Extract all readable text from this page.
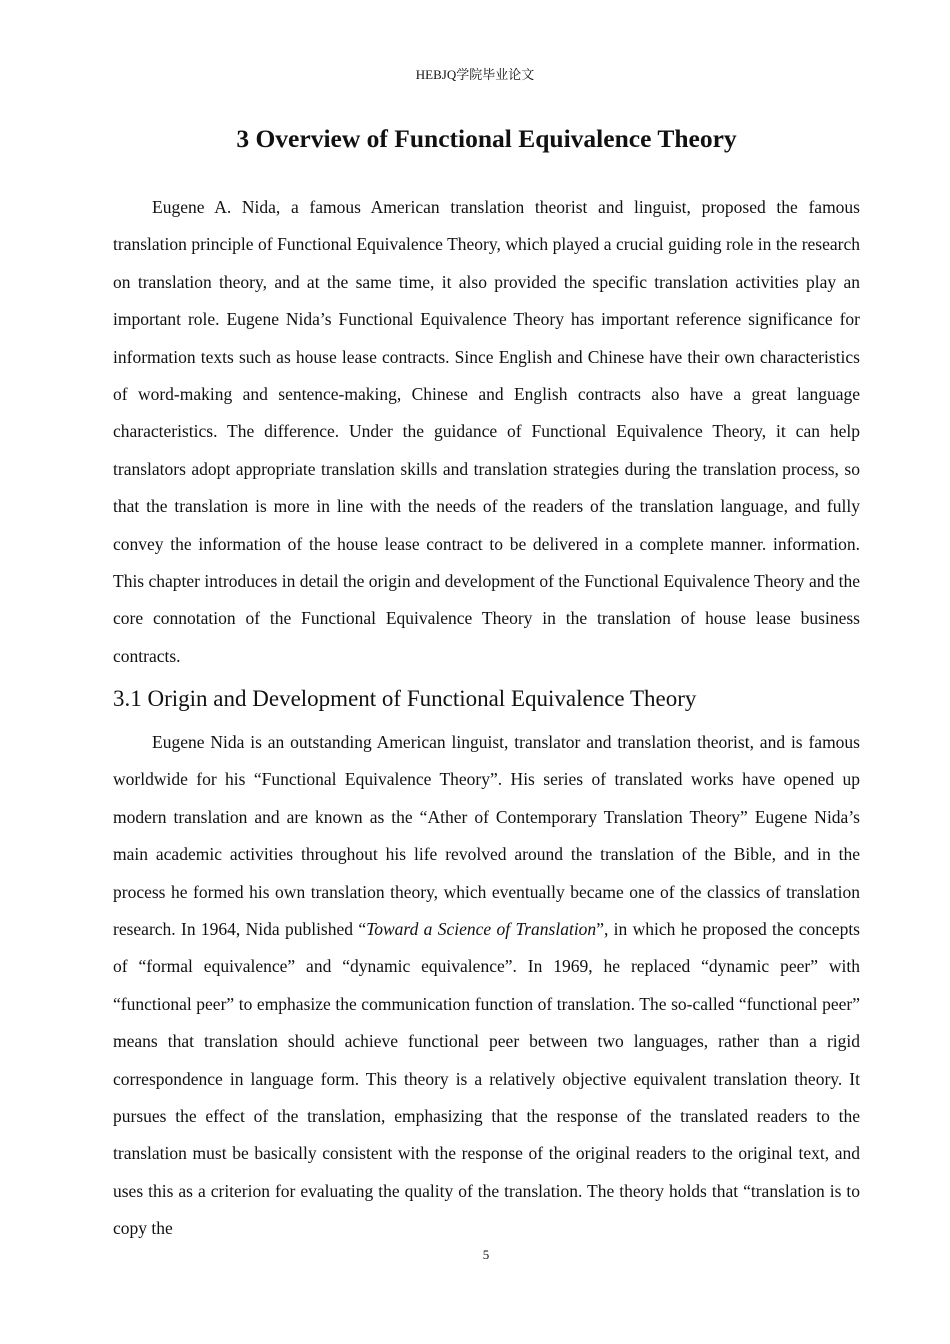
HEBJQ学院毕业论文
3 Overview of Functional Equivalence Theory

Eugene A. Nida, a famous American translation theorist and linguist, proposed the famous translation principle of Functional Equivalence Theory, which played a crucial guiding role in the research on translation theory, and at the same time, it also provided the specific translation activities play an important role. Eugene Nida’s Functional Equivalence Theory has important reference significance for information texts such as house lease contracts. Since English and Chinese have their own characteristics of word-making and sentence-making, Chinese and English contracts also have a great language characteristics. The difference. Under the guidance of Functional Equivalence Theory, it can help translators adopt appropriate translation skills and translation strategies during the translation process, so that the translation is more in line with the needs of the readers of the translation language, and fully convey the information of the house lease contract to be delivered in a complete manner. information. This chapter introduces in detail the origin and development of the Functional Equivalence Theory and the core connotation of the Functional Equivalence Theory in the translation of house lease business contracts.

3.1 Origin and Development of Functional Equivalence Theory

Eugene Nida is an outstanding American linguist, translator and translation theorist, and is famous worldwide for his “Functional Equivalence Theory”. His series of translated works have opened up modern translation and are known as the “Ather of Contemporary Translation Theory” Eugene Nida’s main academic activities throughout his life revolved around the translation of the Bible, and in the process he formed his own translation theory, which eventually became one of the classics of translation research. In 1964, Nida published “Toward a Science of Translation”, in which he proposed the concepts of “formal equivalence” and “dynamic equivalence”. In 1969, he replaced “dynamic peer” with “functional peer” to emphasize the communication function of translation. The so-called “functional peer” means that translation should achieve functional peer between two languages, rather than a rigid correspondence in language form. This theory is a relatively objective equivalent translation theory. It pursues the effect of the translation, emphasizing that the response of the translated readers to the translation must be basically consistent with the response of the original readers to the original text, and uses this as a criterion for evaluating the quality of the translation. The theory holds that “translation is to copy the

5
